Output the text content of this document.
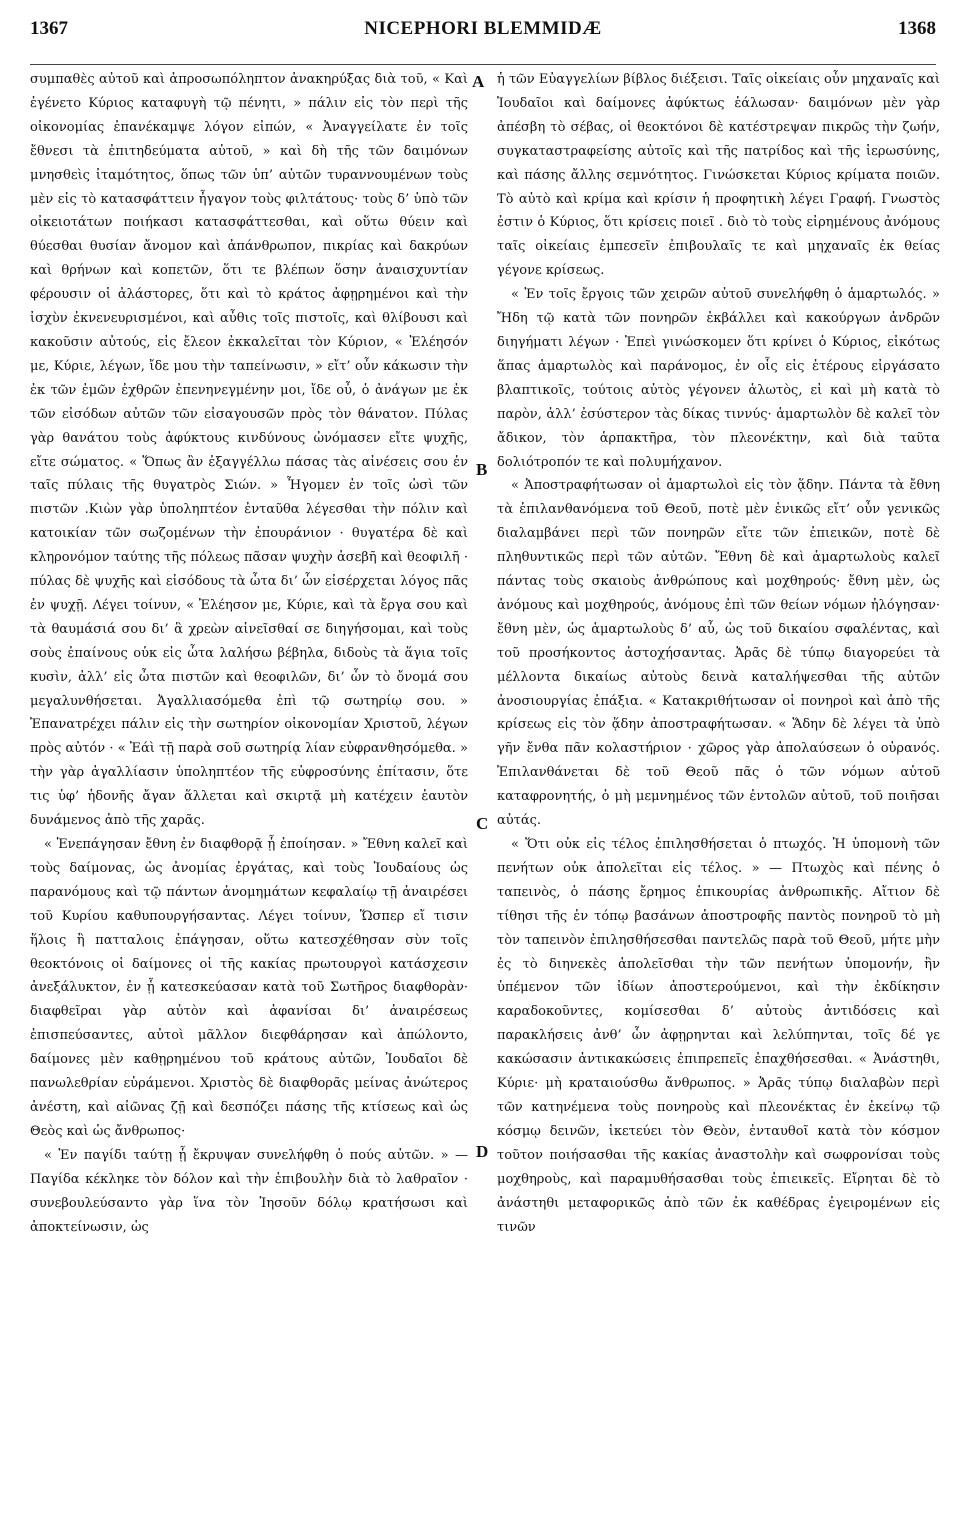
1367	NICEPHORI BLEMMIDÆ	1368

συμπαθὲς αὐτοῦ καὶ ἀπροσωπόληπτον ἀνακηρύξας διὰ τοῦ, « Καὶ ἐγένετο Κύριος καταφυγὴ τῷ πένητι, » πάλιν εἰς τὸν περὶ τῆς οἰκονομίας ἐπανέκαμψε λόγον εἰπών, « Ἀναγγείλατε ἐν τοῖς ἔθνεσι τὰ ἐπιτηδεύματα αὐτοῦ, » καὶ δὴ τῆς τῶν δαιμόνων μνησθεὶς ἰταμότητος, ὅπως τῶν ὑπ’ αὐτῶν τυραννουμένων τοὺς μὲν εἰς τὸ κατασφάττειν ἦγαγον τοὺς φιλτάτους· τοὺς δ’ ὑπὸ τῶν οἰκειοτάτων ποιήκασι κατασφάττεσθαι, καὶ οὕτω θύειν καὶ θύεσθαι θυσίαν ἄνομον καὶ ἀπάνθρωπον, πικρίας καὶ δακρύων καὶ θρήνων καὶ κοπετῶν, ὅτι τε βλέπων ὅσην ἀναισχυντίαν φέρουσιν οἱ ἀλάστορες, ὅτι καὶ τὸ κράτος ἀφῃρημένοι καὶ τὴν ἰσχὺν ἐκνενευρισμένοι, καὶ αὖθις τοῖς πιστοῖς, καὶ θλίβουσι καὶ κακοῦσιν αὐτούς, εἰς ἔλεον ἐκκαλεῖται τὸν Κύριον, « Ἐλέησόν με, Κύριε, λέγων, ἴδε μου τὴν ταπείνωσιν, » εἴτ’ οὖν κάκωσιν τὴν ἐκ τῶν ἐμῶν ἐχθρῶν ἐπενηνεγμένην μοι, ἴδε οὖ, ὁ ἀνάγων με ἐκ τῶν εἰσόδων αὐτῶν τῶν εἰσαγουσῶν πρὸς τὸν θάνατον. Πύλας γὰρ θανάτου τοὺς ἀφύκτους κινδύνους ὠνόμασεν εἴτε ψυχῆς, εἴτε σώματος. « Ὅπως ἂν ἐξαγγέλλω πάσας τὰς αἰνέσεις σου ἐν ταῖς πύλαις τῆς θυγατρὸς Σιών. » Ἦγομεν ἐν τοῖς ὠσὶ τῶν πιστῶν .Κιὼν γὰρ ὑποληπτέον ἐνταῦθα λέγεσθαι τὴν πόλιν καὶ κατοικίαν τῶν σωζομένων τὴν ἐπουράνιον · θυγατέρα δὲ καὶ κληρονόμον ταύτης τῆς πόλεως πᾶσαν ψυχὴν ἀσεβῆ καὶ θεοφιλῆ · πύλας δὲ ψυχῆς καὶ εἰσόδους τὰ ὦτα δι’ ὧν εἰσέρχεται λόγος πᾶς ἐν ψυχῇ. Λέγει τοίνυν, « Ἐλέησον με, Κύριε, καὶ τὰ ἔργα σου καὶ τὰ θαυμάσιά σου δι’ ἃ χρεὼν αἰνεῖσθαί σε διηγήσομαι, καὶ τοὺς σοὺς ἐπαίνους οὐκ εἰς ὦτα λαλήσω βέβηλα, διδοὺς τὰ ἅγια τοῖς κυσὶν, ἀλλ’ εἰς ὦτα πιστῶν καὶ θεοφιλῶν, δι’ ὧν τὸ ὄνομά σου μεγαλυνθήσεται. Ἀγαλλιασόμεθα ἐπὶ τῷ σωτηρίῳ σου. » Ἐπανατρέχει πάλιν εἰς τὴν σωτηρίον οἰκονομίαν Χριστοῦ, λέγων πρὸς αὐτόν · « Ἐάὶ τῇ παρὰ σοῦ σωτηρίᾳ λίαν εὐφρανθησόμεθα. » τὴν γὰρ ἀγαλλίασιν ὑποληπτέον τῆς εὐφροσύνης ἐπίτασιν, ὅτε τις ὑφ’ ἡδονῆς ἄγαν ἅλλεται καὶ σκιρτᾷ μὴ κατέχειν ἑαυτὸν δυνάμενος ἀπὸ τῆς χαρᾶς.

« Ἐνεπάγησαν ἔθνη ἐν διαφθορᾷ ᾗ ἐποίησαν. » Ἔθνη καλεῖ καὶ τοὺς δαίμονας, ὡς ἀνομίας ἐργάτας, καὶ τοὺς Ἰουδαίους ὡς παρανόμους καὶ τῷ πάντων ἀνομημάτων κεφαλαίῳ τῇ ἀναιρέσει τοῦ Κυρίου καθυπουργήσαντας. Λέγει τοίνυν, Ὥσπερ εἴ τισιν ἥλοις ἢ πατταλοις ἐπάγησαν, οὕτω κατεσχέθησαν σὺν τοῖς θεοκτόνοις οἱ δαίμονες οἱ τῆς κακίας πρωτουργοὶ κατάσχεσιν ἀνεξάλυκτον, ἐν ᾗ κατεσκεύασαν κατὰ τοῦ Σωτῆρος διαφθορὰν· διαφθεῖραι γὰρ αὐτὸν καὶ ἀφανίσαι δι’ ἀναιρέσεως ἐπισπεύσαντες, αὐτοὶ μᾶλλον διεφθάρησαν καὶ ἀπώλοντο, δαίμονες μὲν καθῃρημένου τοῦ κράτους αὐτῶν, Ἰουδαῖοι δὲ πανωλεθρίαν εὑράμενοι. Χριστὸς δὲ διαφθορᾶς μείνας ἀνώτερος ἀνέστη, καὶ αἰῶνας ζῇ καὶ δεσπόζει πάσης τῆς κτίσεως καὶ ὡς Θεὸς καὶ ὡς ἄνθρωπος·

« Ἐν παγίδι ταύτῃ ᾗ ἔκρυψαν συνελήφθη ὁ πούς αὐτῶν. » — Παγίδα κέκληκε τὸν δόλον καὶ τὴν ἐπιβουλὴν διὰ τὸ λαθραῖον · συνεβουλεύσαντο γὰρ ἵνα τὸν Ἰησοῦν δόλῳ κρατήσωσι καὶ ἀποκτείνωσιν, ὡς

A
B
C
D

ἡ τῶν Εὐαγγελίων βίβλος διέξεισι. Ταῖς οἰκείαις οὖν μηχαναῖς καὶ Ἰουδαῖοι καὶ δαίμονες ἀφύκτως ἑάλωσαν· δαιμόνων μὲν γὰρ ἀπέσβη τὸ σέβας, οἱ θεοκτόνοι δὲ κατέστρεψαν πικρῶς τὴν ζωήν, συγκαταστραφείσης αὐτοῖς καὶ τῆς πατρίδος καὶ τῆς ἱερωσύνης, καὶ πάσης ἄλλης σεμνότητος. Γινώσκεται Κύριος κρίματα ποιῶν. Τὸ αὐτὸ καὶ κρίμα καὶ κρίσιν ἡ προφητικὴ λέγει Γραφή. Γνωστὸς ἐστιν ὁ Κύριος, ὅτι κρίσεις ποιεῖ . διὸ τὸ τοὺς εἰρημένους ἀνόμους ταῖς οἰκείαις ἐμπεσεῖν ἐπιβουλαῖς τε καὶ μηχαναῖς ἐκ θείας γέγονε κρίσεως.

« Ἐν τοῖς ἔργοις τῶν χειρῶν αὐτοῦ συνελήφθη ὁ ἁμαρτωλός. » Ἤδη τῷ κατὰ τῶν πονηρῶν ἐκβάλλει καὶ κακούργων ἀνδρῶν διηγήματι λέγων · Ἐπεὶ γινώσκομεν ὅτι κρίνει ὁ Κύριος, εἰκότως ἅπας ἁμαρτωλὸς καὶ παράνομος, ἐν οἷς εἰς ἑτέρους εἰργάσατο βλαπτικοῖς, τούτοις αὐτὸς γέγονεν ἁλωτὸς, εἰ καὶ μὴ κατὰ τὸ παρὸν, ἀλλ’ ἐσύστερον τὰς δίκας τιννύς· ἁμαρτωλὸν δὲ καλεῖ τὸν ἄδικον, τὸν ἁρπακτῆρα, τὸν πλεονέκτην, καὶ διὰ ταῦτα δολιότροπόν τε καὶ πολυμήχανον.

« Ἀποστραφήτωσαν οἱ ἁμαρτωλοὶ εἰς τὸν ᾅδην. Πάντα τὰ ἔθνη τὰ ἐπιλανθανόμενα τοῦ Θεοῦ, ποτὲ μὲν ἑνικῶς εἴτ’ οὖν γενικῶς διαλαμβάνει περὶ τῶν πονηρῶν εἴτε τῶν ἐπιεικῶν, ποτὲ δὲ πληθυντικῶς περὶ τῶν αὐτῶν. Ἔθνη δὲ καὶ ἁμαρτωλοὺς καλεῖ πάντας τοὺς σκαιοὺς ἀνθρώπους καὶ μοχθηρούς· ἔθνη μὲν, ὡς ἀνόμους καὶ μοχθηρούς, ἀνόμους ἐπὶ τῶν θείων νόμων ἠλόγησαν· ἔθνη μὲν, ὡς ἁμαρτωλοὺς δ’ αὖ, ὡς τοῦ δικαίου σφαλέντας, καὶ τοῦ προσήκοντος ἀστοχήσαντας. Ἀρᾶς δὲ τύπῳ διαγορεύει τὰ μέλλοντα δικαίως αὐτοὺς δεινὰ καταλήψεσθαι τῆς αὐτῶν ἀνοσιουργίας ἐπάξια. « Κατακριθήτωσαν οἱ πονηροὶ καὶ ἀπὸ τῆς κρίσεως εἰς τὸν ᾅδην ἀποστραφήτωσαν. « Ἅδην δὲ λέγει τὰ ὑπὸ γῆν ἔνθα πᾶν κολαστήριον · χῶρος γὰρ ἀπολαύσεων ὁ οὐρανός. Ἐπιλανθάνεται δὲ τοῦ Θεοῦ πᾶς ὁ τῶν νόμων αὐτοῦ καταφρονητής, ὁ μὴ μεμνημένος τῶν ἐντολῶν αὐτοῦ, τοῦ ποιῆσαι αὐτάς.

« Ὅτι οὐκ εἰς τέλος ἐπιλησθήσεται ὁ πτωχός. Ἡ ὑπομονὴ τῶν πενήτων οὐκ ἀπολεῖται εἰς τέλος. » — Πτωχὸς καὶ πένης ὁ ταπεινὸς, ὁ πάσης ἔρημος ἐπικουρίας ἀνθρωπικῆς. Αἴτιον δὲ τίθησι τῆς ἐν τόπῳ βασάνων ἀποστροφῆς παντὸς πονηροῦ τὸ μὴ τὸν ταπεινὸν ἐπιλησθήσεσθαι παντελῶς παρὰ τοῦ Θεοῦ, μήτε μὴν ἐς τὸ διηνεκὲς ἀπολεῖσθαι τὴν τῶν πενήτων ὑπομονήν, ἣν ὑπέμενον τῶν ἰδίων ἀποστερούμενοι, καὶ τὴν ἐκδίκησιν καραδοκοῦντες, κομίσεσθαι δ’ αὐτοὺς ἀντιδόσεις καὶ παρακλήσεις ἀνθ’ ὧν ἀφῃρηνται καὶ λελύπηνται, τοῖς δέ γε κακώσασιν ἀντικακώσεις ἐπιπρεπεῖς ἐπαχθήσεσθαι. « Ἀνάστηθι, Κύριε· μὴ κραταιούσθω ἄνθρωπος. » Ἀρᾶς τύπῳ διαλαβὼν περὶ τῶν κατηνέμενα τοὺς πονηροὺς καὶ πλεονέκτας ἐν ἐκείνῳ τῷ κόσμῳ δεινῶν, ἱκετεύει τὸν Θεὸν, ἐνταυθοῖ κατὰ τὸν κόσμον τοῦτον ποιήσασθαι τῆς κακίας ἀναστολὴν καὶ σωφρονίσαι τοὺς μοχθηροὺς, καὶ παραμυθήσασθαι τοὺς ἐπιεικεῖς. Εἴρηται δὲ τὸ ἀνάστηθι μεταφορικῶς ἀπὸ τῶν ἐκ καθέδρας ἐγειρομένων εἰς τινῶν
